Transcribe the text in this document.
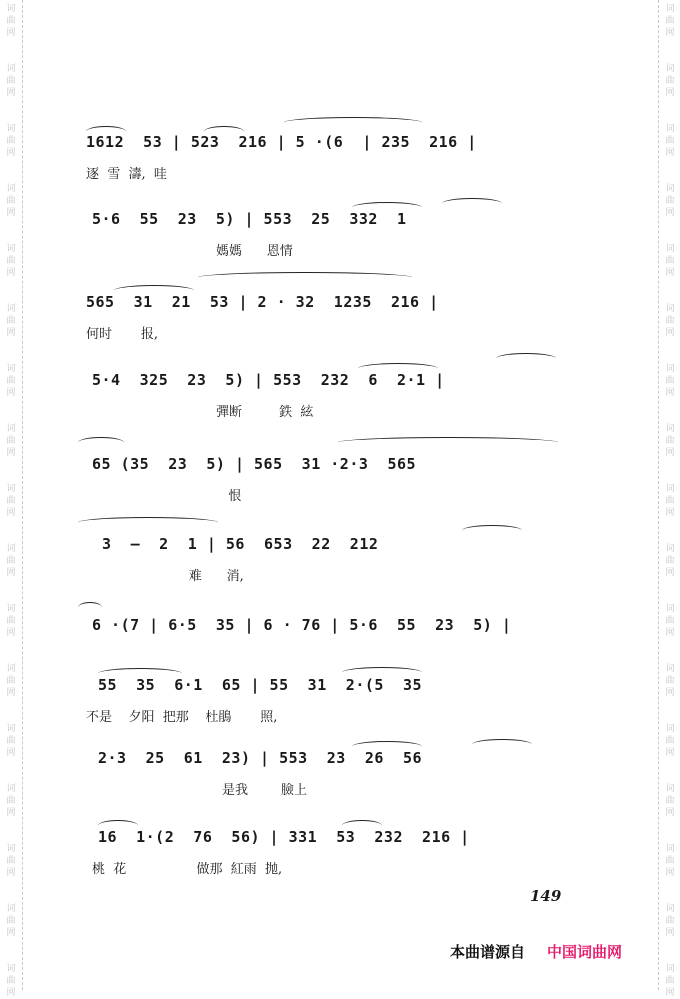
词
曲
网
词
曲
网
词
曲
网
词
曲
网
词
曲
网
词
曲
网
词
曲
网
词
曲
网
词
曲
网
词
曲
网
词
曲
网
词
曲
网
词
曲
网
词
曲
网
词
曲
网
词
曲
网
词
曲
网
词
曲
网
词
曲
网
词
曲
网
词
曲
网
词
曲
网
词
曲
网
词
曲
网
词
曲
网
词
曲
网
词
曲
网
词
曲
网
词
曲
网
词
曲
网
词
曲
网
词
曲
网
词
曲
网
词
曲
网
1612  53 | 523  216 | 5 ·(6  | 235  216 |
逐  雪  濤,  哇
5·6  55  23  5) | 553  25  332  1
媽媽      恩情
565  31  21  53 | 2 · 32  1235  216 |
何时       报,
5·4  325  23  5) | 553  232  6  2·1 |
彈断         鉄  絃
65 (35  23  5) | 565  31 ·2·3  565
恨
3  —  2  1 | 56  653  22  212
难      消,
6 ·(7 | 6·5  35 | 6 · 76 | 5·6  55  23  5) |
55  35  6·1  65 | 55  31  2·(5  35
不是    夕阳  把那    杜鵑       照,
2·3  25  61  23) | 553  23  26  56
是我        臉上
16  1·(2  76  56) | 331  53  232  216 |
桃  花                 做那  紅雨  抛,
149
本曲谱源自 中国词曲网
